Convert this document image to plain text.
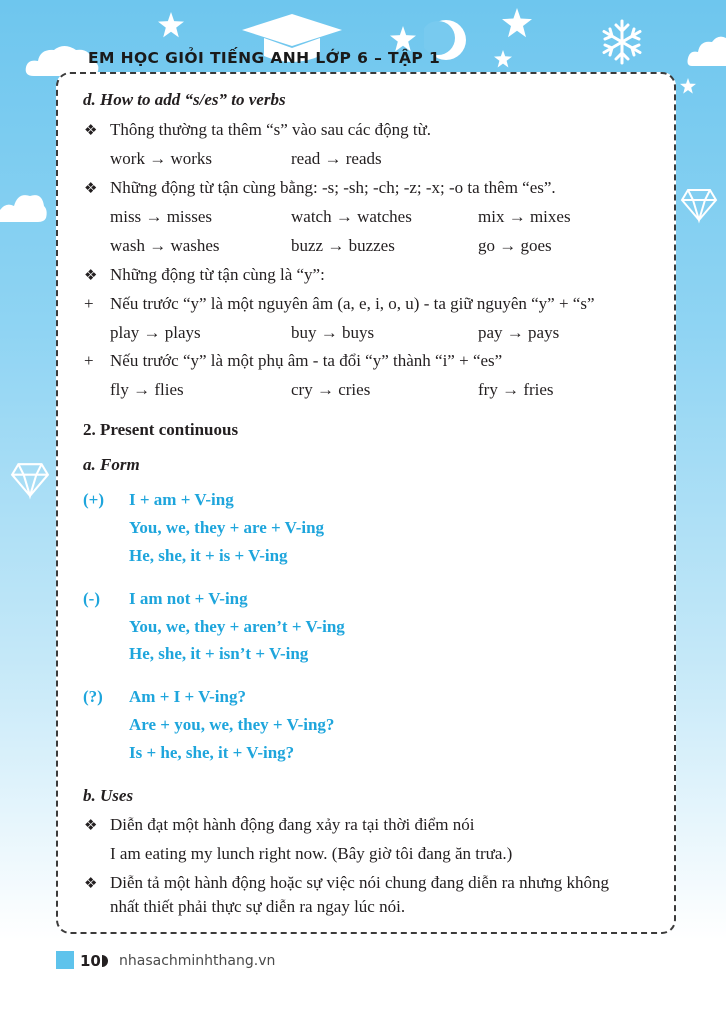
EM HỌC GIỎI TIẾNG ANH LỚP 6 – TẬP 1
d. How to add “s/es” to verbs
❖ Thông thường ta thêm “s” vào sau các động từ.
work → works	read → reads
❖ Những động từ tận cùng bằng: -s; -sh; -ch; -z; -x; -o ta thêm “es”.
miss → misses	watch → watches	mix → mixes
wash → washes	buzz → buzzes	go → goes
❖ Những động từ tận cùng là “y”:
+ Nếu trước “y” là một nguyên âm (a, e, i, o, u) - ta giữ nguyên “y” + “s”
play → plays	buy → buys	pay → pays
+ Nếu trước “y” là một phụ âm - ta đổi “y” thành “i” + “es”
fly → flies	cry → cries	fry → fries
2. Present continuous
a. Form
(+) I + am + V-ing
You, we, they + are + V-ing
He, she, it + is + V-ing
(-) I am not + V-ing
You, we, they + aren’t + V-ing
He, she, it + isn’t + V-ing
(?) Am + I + V-ing?
Are + you, we, they + V-ing?
Is + he, she, it + V-ing?
b. Uses
❖ Diễn đạt một hành động đang xảy ra tại thời điểm nói
I am eating my lunch right now. (Bây giờ tôi đang ăn trưa.)
❖ Diễn tả một hành động hoặc sự việc nói chung đang diễn ra nhưng không
nhất thiết phải thực sự diễn ra ngay lúc nói.
10 nhasachminhthang.vn
